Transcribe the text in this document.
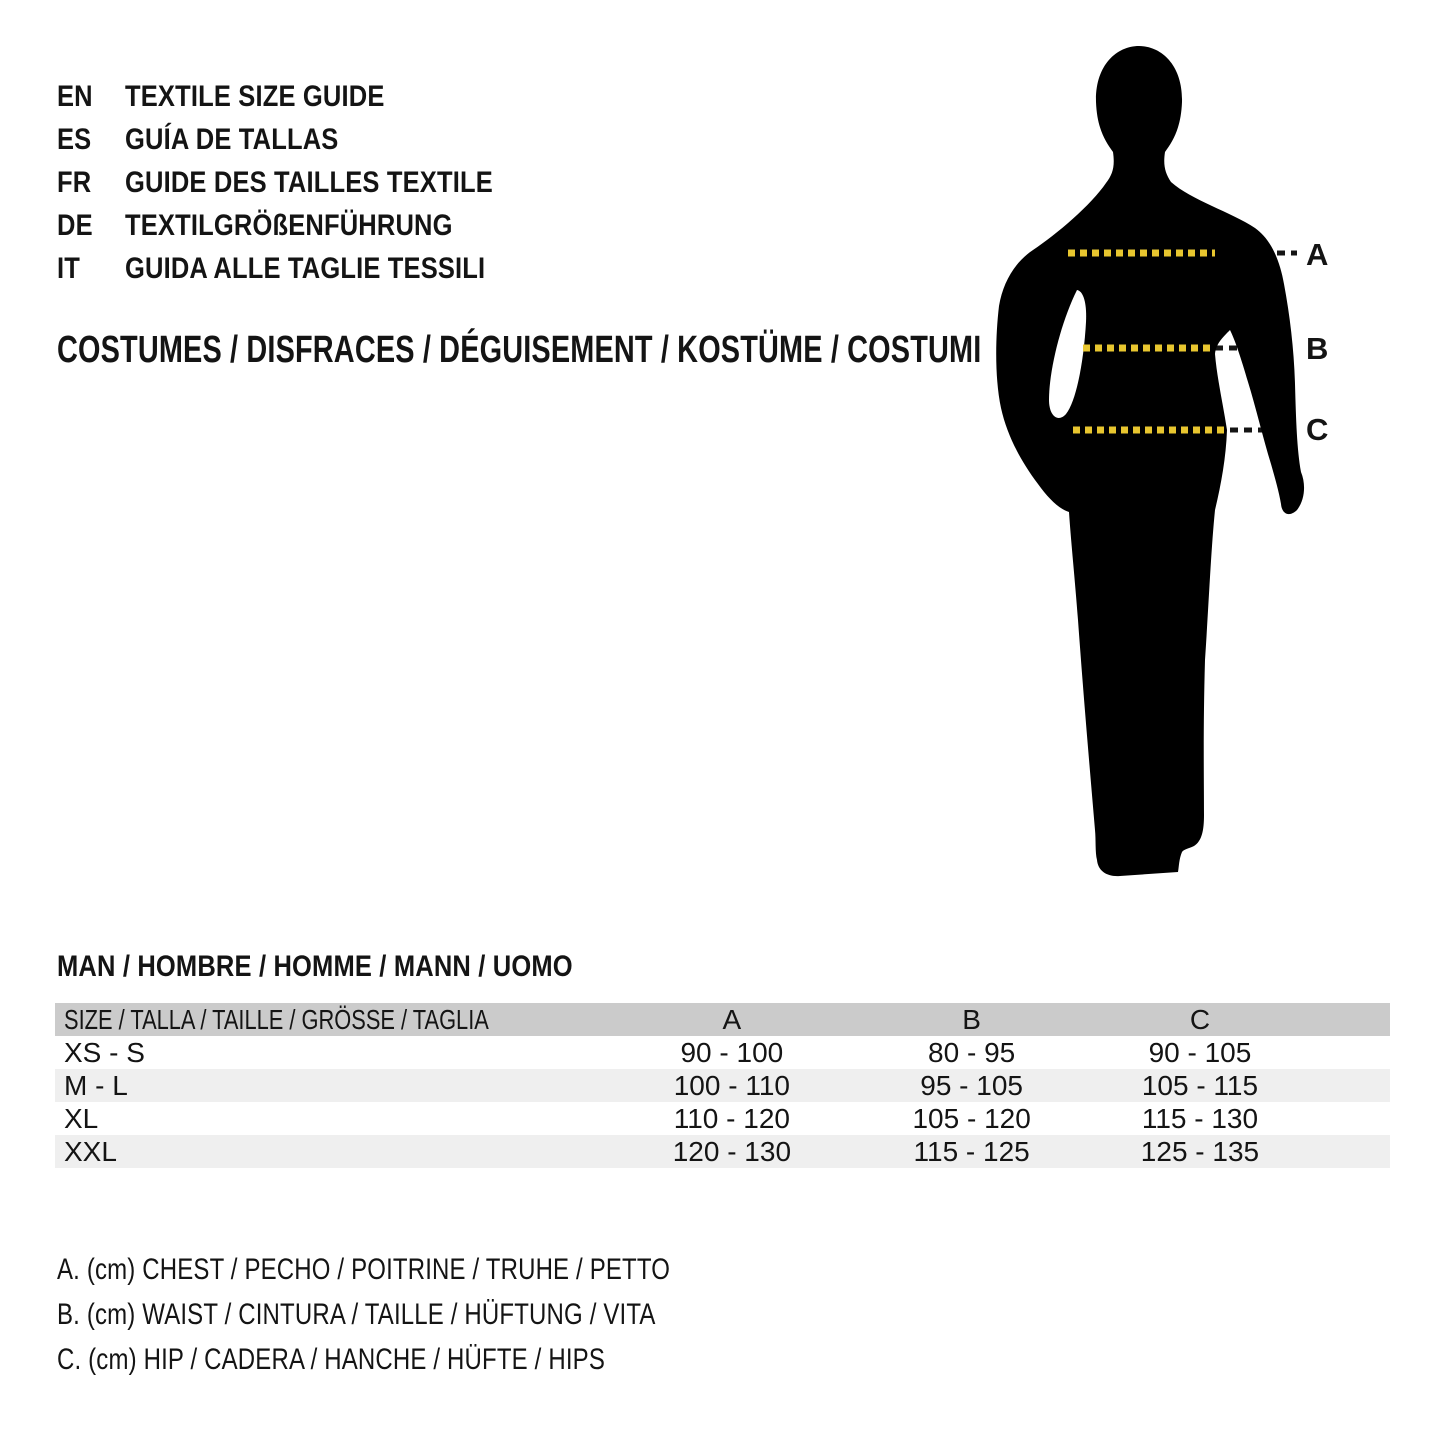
EN	TEXTILE SIZE GUIDE
ES	GUÍA DE TALLAS
FR	GUIDE DES TAILLES TEXTILE
DE	TEXTILGRÖßENFÜHRUNG
IT	GUIDA ALLE TAGLIE TESSILI
COSTUMES / DISFRACES / DÉGUISEMENT / KOSTÜME / COSTUMI
A
B
C
MAN / HOMBRE / HOMME / MANN / UOMO
SIZE / TALLA / TAILLE / GRÖSSE / TAGLIA	A	B	C	
XS - S	90 - 100	80 - 95	90 - 105	
M - L	100 - 110	95 - 105	105 - 115	
XL	110 - 120	105 - 120	115 - 130	
XXL	120 - 130	115 - 125	125 - 135	
A. (cm) CHEST / PECHO / POITRINE / TRUHE / PETTO
B. (cm) WAIST / CINTURA / TAILLE / HÜFTUNG / VITA
C. (cm) HIP / CADERA / HANCHE / HÜFTE / HIPS
